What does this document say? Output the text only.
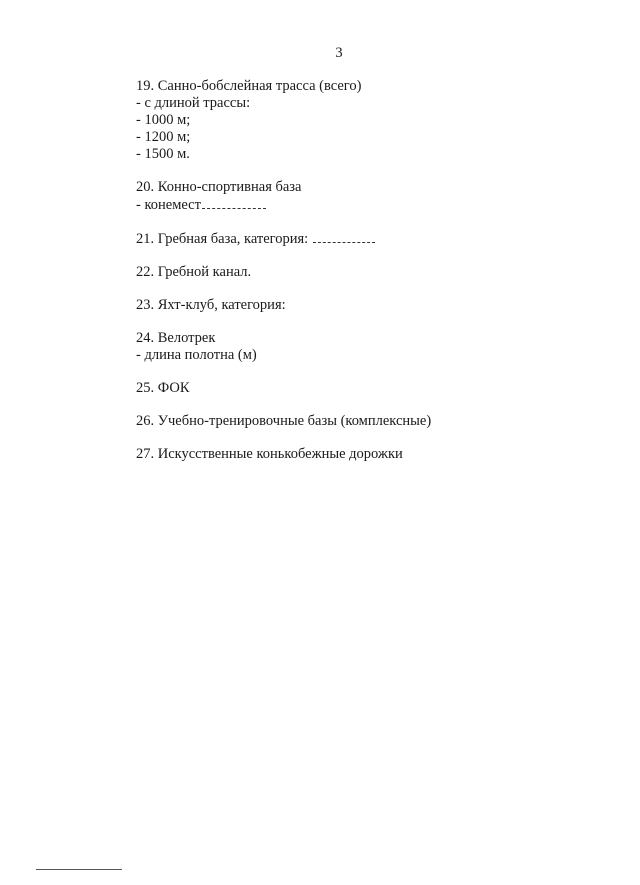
3
19. Санно-бобслейная трасса (всего)
- с длиной трассы:
- 1000 м;
- 1200 м;
- 1500 м.
20. Конно-спортивная база
- конемест
21. Гребная база, категория:
22. Гребной канал.
23. Яхт-клуб, категория:
24. Велотрек
- длина полотна (м)
25. ФОК
26. Учебно-тренировочные базы (комплексные)
27. Искусственные конькобежные дорожки
